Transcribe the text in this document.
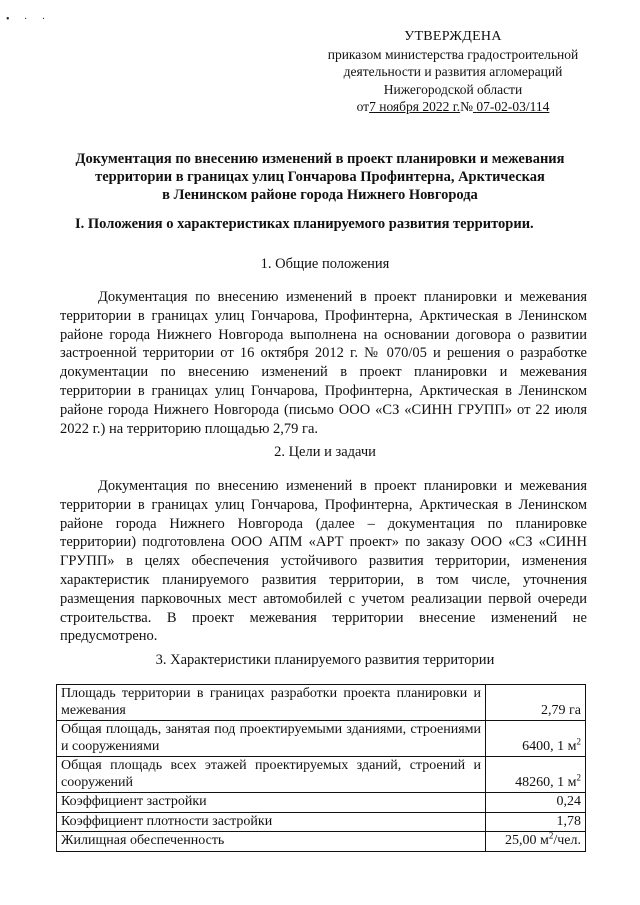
• · ·
УТВЕРЖДЕНА
приказом министерства градостроительной
деятельности и развития агломераций
Нижегородской области
от7 ноября 2022 г.№ 07-02-03/114
Документация по внесению изменений в проект планировки и межевания
территории в границах улиц Гончарова Профинтерна, Арктическая
в Ленинском районе города Нижнего Новгорода
I. Положения о характеристиках планируемого развития территории.
1. Общие положения
Документация по внесению изменений в проект планировки и межевания территории в границах улиц Гончарова, Профинтерна, Арктическая в Ленинском районе города Нижнего Новгорода выполнена на основании договора о развитии застроенной территории от 16 октября 2012 г. № 070/05 и решения о разработке документации по внесению изменений в проект планировки и межевания территории в границах улиц Гончарова, Профинтерна, Арктическая в Ленинском районе города Нижнего Новгорода (письмо ООО «СЗ «СИНН ГРУПП» от 22 июля 2022 г.) на территорию площадью 2,79 га.
2. Цели и задачи
Документация по внесению изменений в проект планировки и межевания территории в границах улиц Гончарова, Профинтерна, Арктическая в Ленинском районе города Нижнего Новгорода (далее – документация по планировке территории) подготовлена ООО АПМ «АРТ проект» по заказу ООО «СЗ «СИНН ГРУПП» в целях обеспечения устойчивого развития территории, изменения характеристик планируемого развития территории, в том числе, уточнения размещения парковочных мест автомобилей с учетом реализации первой очереди строительства. В проект межевания территории внесение изменений не предусмотрено.
3. Характеристики планируемого развития территории
Площадь территории в границах разработки проекта планировки и межевания	2,79 га
Общая площадь, занятая под проектируемыми зданиями, строениями и сооружениями	6400, 1 $м^2$
Общая площадь всех этажей проектируемых зданий, строений и сооружений	48260, 1 $м^2$
Коэффициент застройки	0,24
Коэффициент плотности застройки	1,78
Жилищная обеспеченность	25,00 $м^2$/чел.
